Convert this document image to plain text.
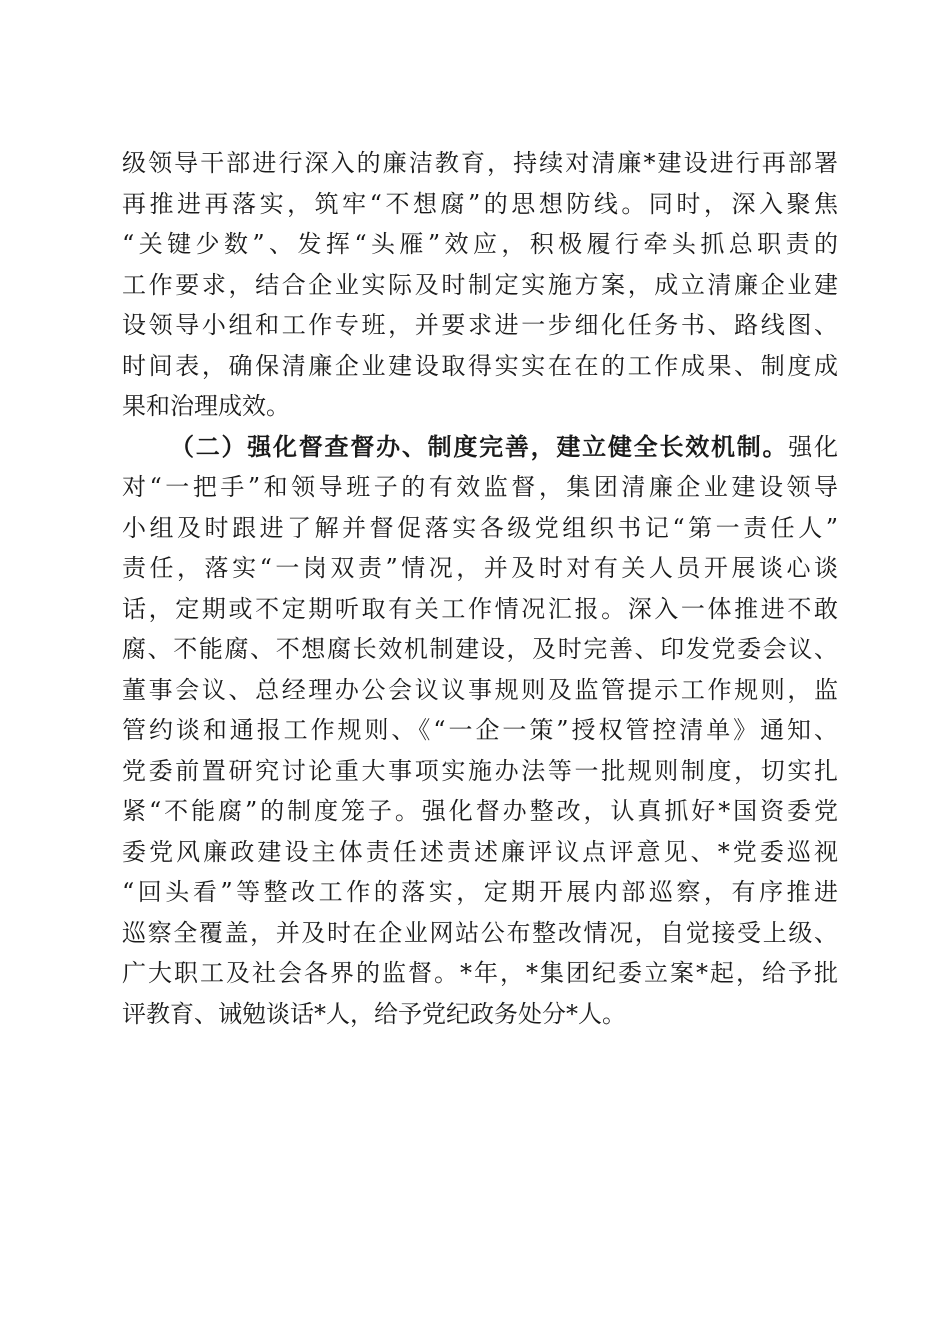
级领导干部进行深入的廉洁教育，持续对清廉*建设进行再部署
再推进再落实，筑牢“不想腐”的思想防线。同时，深入聚焦
“关键少数”、发挥“头雁”效应，积极履行牵头抓总职责的
工作要求，结合企业实际及时制定实施方案，成立清廉企业建
设领导小组和工作专班，并要求进一步细化任务书、路线图、
时间表，确保清廉企业建设取得实实在在的工作成果、制度成
果和治理成效。
（二）强化督查督办、制度完善，建立健全长效机制。强化
对“一把手”和领导班子的有效监督，集团清廉企业建设领导
小组及时跟进了解并督促落实各级党组织书记“第一责任人”
责任，落实“一岗双责”情况，并及时对有关人员开展谈心谈
话，定期或不定期听取有关工作情况汇报。深入一体推进不敢
腐、不能腐、不想腐长效机制建设，及时完善、印发党委会议、
董事会议、总经理办公会议议事规则及监管提示工作规则，监
管约谈和通报工作规则、《“一企一策”授权管控清单》通知、
党委前置研究讨论重大事项实施办法等一批规则制度，切实扎
紧“不能腐”的制度笼子。强化督办整改，认真抓好*国资委党
委党风廉政建设主体责任述责述廉评议点评意见、*党委巡视
“回头看”等整改工作的落实，定期开展内部巡察，有序推进
巡察全覆盖，并及时在企业网站公布整改情况，自觉接受上级、
广大职工及社会各界的监督。*年，*集团纪委立案*起，给予批
评教育、诫勉谈话*人，给予党纪政务处分*人。
